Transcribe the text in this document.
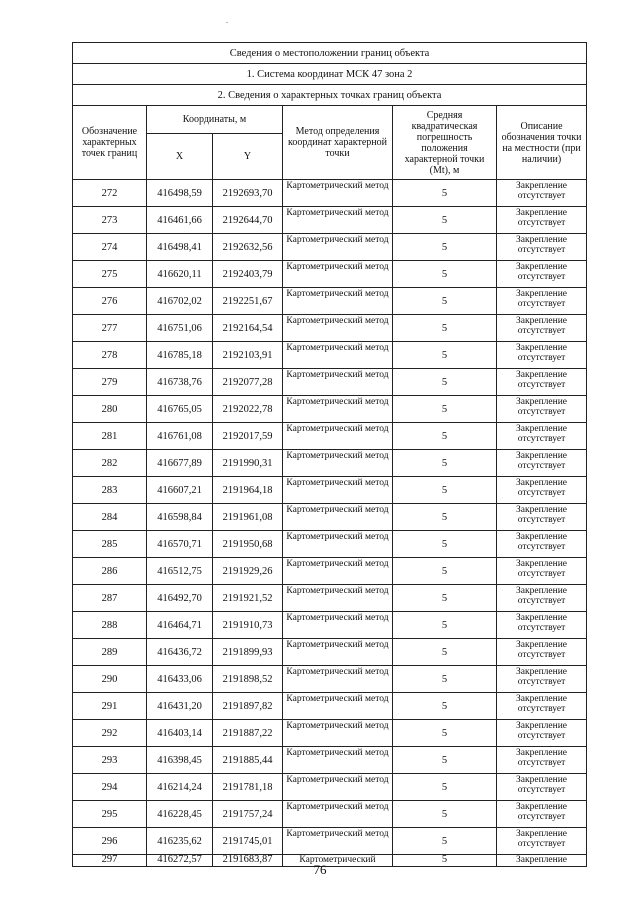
Сведения о местоположении границ объекта					
1. Система координат МСК 47 зона 2					
2. Сведения о характерных точках границ объекта					
Обозначение характерных точек границ	Координаты, м		Метод определения координат характерной точки	Средняя квадратическая погрешность положения характерной точки (Mt), м	Описание обозначения точки на местности (при наличии)
	X	Y			
272	416498,59	2192693,70	Картометрический метод	5	Закрепление отсутствует
273	416461,66	2192644,70	Картометрический метод	5	Закрепление отсутствует
274	416498,41	2192632,56	Картометрический метод	5	Закрепление отсутствует
275	416620,11	2192403,79	Картометрический метод	5	Закрепление отсутствует
276	416702,02	2192251,67	Картометрический метод	5	Закрепление отсутствует
277	416751,06	2192164,54	Картометрический метод	5	Закрепление отсутствует
278	416785,18	2192103,91	Картометрический метод	5	Закрепление отсутствует
279	416738,76	2192077,28	Картометрический метод	5	Закрепление отсутствует
280	416765,05	2192022,78	Картометрический метод	5	Закрепление отсутствует
281	416761,08	2192017,59	Картометрический метод	5	Закрепление отсутствует
282	416677,89	2191990,31	Картометрический метод	5	Закрепление отсутствует
283	416607,21	2191964,18	Картометрический метод	5	Закрепление отсутствует
284	416598,84	2191961,08	Картометрический метод	5	Закрепление отсутствует
285	416570,71	2191950,68	Картометрический метод	5	Закрепление отсутствует
286	416512,75	2191929,26	Картометрический метод	5	Закрепление отсутствует
287	416492,70	2191921,52	Картометрический метод	5	Закрепление отсутствует
288	416464,71	2191910,73	Картометрический метод	5	Закрепление отсутствует
289	416436,72	2191899,93	Картометрический метод	5	Закрепление отсутствует
290	416433,06	2191898,52	Картометрический метод	5	Закрепление отсутствует
291	416431,20	2191897,82	Картометрический метод	5	Закрепление отсутствует
292	416403,14	2191887,22	Картометрический метод	5	Закрепление отсутствует
293	416398,45	2191885,44	Картометрический метод	5	Закрепление отсутствует
294	416214,24	2191781,18	Картометрический метод	5	Закрепление отсутствует
295	416228,45	2191757,24	Картометрический метод	5	Закрепление отсутствует
296	416235,62	2191745,01	Картометрический метод	5	Закрепление отсутствует
297	416272,57	2191683,87	Картометрический	5	Закрепление
76
